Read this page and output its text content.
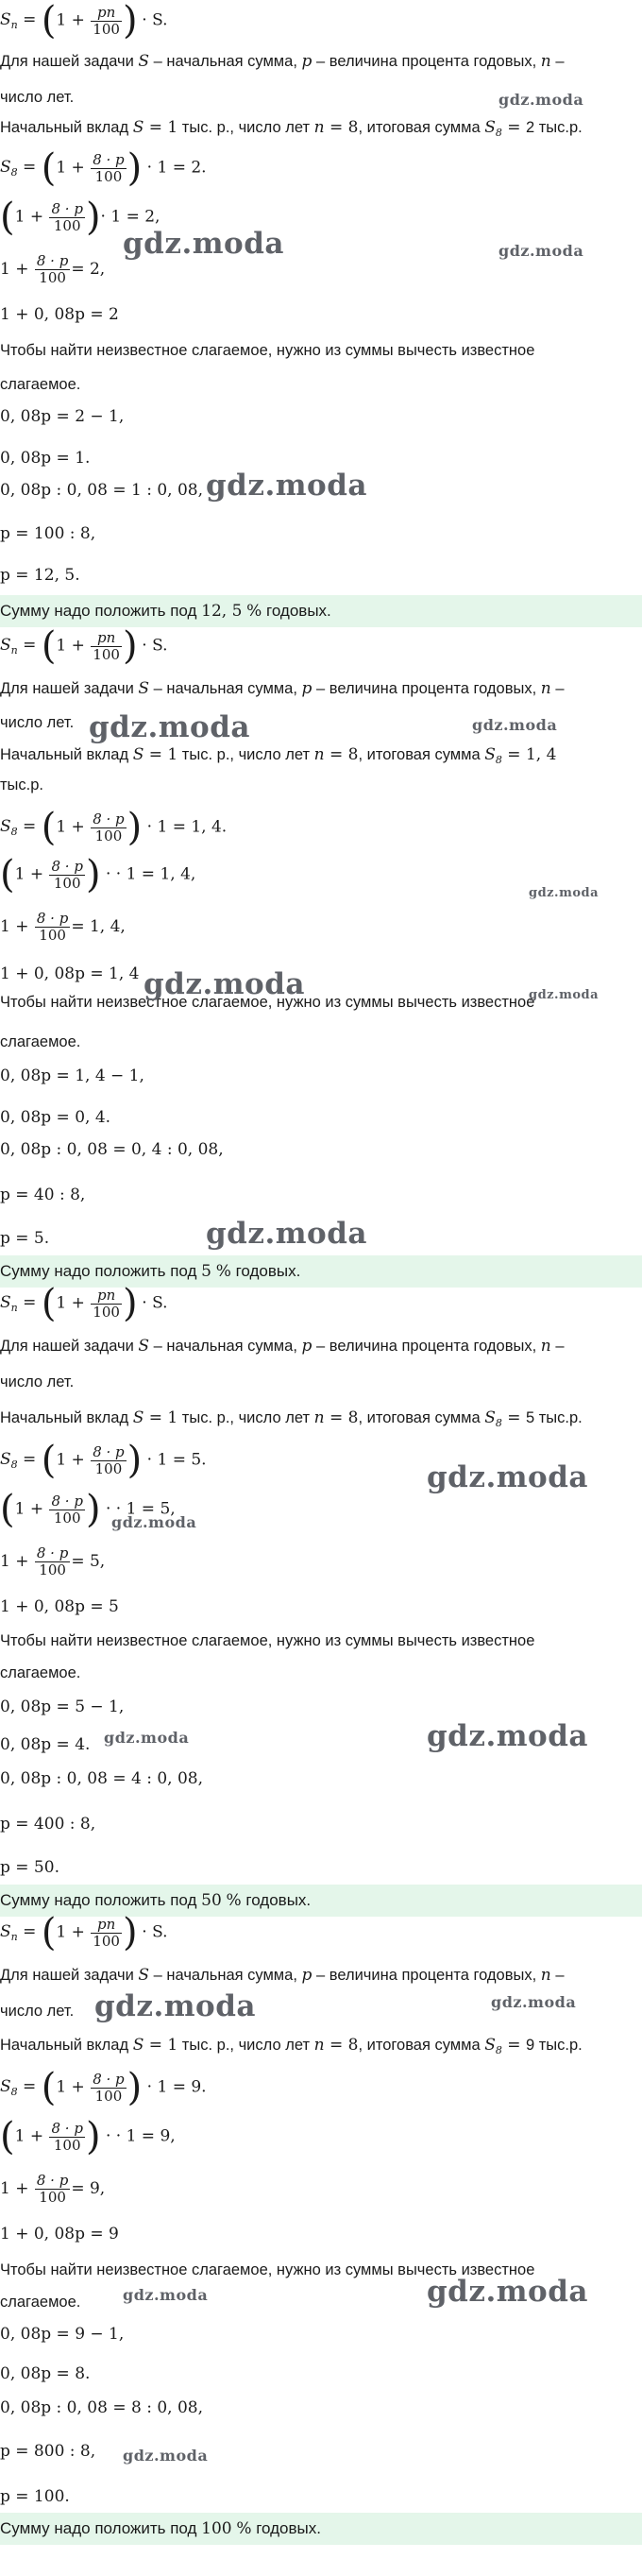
$S_n = (1 + \frac{pn}{100}$ ) · S.
Для нашей задачи S – начальная сумма, p – величина процента годовых, n –
число лет.
Начальный вклад S = 1 тыс. р., число лет n = 8, итоговая сумма $S_8 = 2$ тыс.р.
$S_8 = (1 + \frac{8 \cdot p}{100}$ ) · 1 = 2.
($1 + \frac{8 \cdot p}{100}$ )· 1 = 2,
$1 + \frac{8 \cdot p}{100} = 2$,
1 + 0, 08p = 2
Чтобы найти неизвестное слагаемое, нужно из суммы вычесть известное
слагаемое.
0, 08p = 2 − 1,
0, 08p = 1.
0, 08p : 0, 08 = 1 : 0, 08,
p = 100 : 8,
p = 12, 5.
Сумму надо положить под 12, 5 % годовых.
$S_n = (1 + \frac{pn}{100}$ ) · S.
Для нашей задачи S – начальная сумма, p – величина процента годовых, n –
число лет.
Начальный вклад S = 1 тыс. р., число лет n = 8, итоговая сумма $S_8 = 1$, 4
тыс.р.
$S_8 = (1 + \frac{8 \cdot p}{100}$ ) · 1 = 1, 4.
($1 + \frac{8 \cdot p}{100}$ ) · · 1 = 1, 4,
$1 + \frac{8 \cdot p}{100} = 1$, 4,
1 + 0, 08p = 1, 4
Чтобы найти неизвестное слагаемое, нужно из суммы вычесть известное
слагаемое.
0, 08p = 1, 4 − 1,
0, 08p = 0, 4.
0, 08p : 0, 08 = 0, 4 : 0, 08,
p = 40 : 8,
p = 5.
Сумму надо положить под 5 % годовых.
$S_n = (1 + \frac{pn}{100}$ ) · S.
Для нашей задачи S – начальная сумма, p – величина процента годовых, n –
число лет.
Начальный вклад S = 1 тыс. р., число лет n = 8, итоговая сумма $S_8 = 5$ тыс.р.
$S_8 = (1 + \frac{8 \cdot p}{100}$ ) · 1 = 5.
($1 + \frac{8 \cdot p}{100}$ ) · · 1 = 5,
$1 + \frac{8 \cdot p}{100} = 5$,
1 + 0, 08p = 5
Чтобы найти неизвестное слагаемое, нужно из суммы вычесть известное
слагаемое.
0, 08p = 5 − 1,
0, 08p = 4.
0, 08p : 0, 08 = 4 : 0, 08,
p = 400 : 8,
p = 50.
Сумму надо положить под 50 % годовых.
$S_n = (1 + \frac{pn}{100}$ ) · S.
Для нашей задачи S – начальная сумма, p – величина процента годовых, n –
число лет.
Начальный вклад S = 1 тыс. р., число лет n = 8, итоговая сумма $S_8 = 9$ тыс.р.
$S_8 = (1 + \frac{8 \cdot p}{100}$ ) · 1 = 9.
($1 + \frac{8 \cdot p}{100}$ ) · · 1 = 9,
$1 + \frac{8 \cdot p}{100} = 9$,
1 + 0, 08p = 9
Чтобы найти неизвестное слагаемое, нужно из суммы вычесть известное
слагаемое.
0, 08p = 9 − 1,
0, 08p = 8.
0, 08p : 0, 08 = 8 : 0, 08,
p = 800 : 8,
p = 100.
Сумму надо положить под 100 % годовых.
gdz.moda
gdz.moda	gdz.moda
gdz.moda
gdz.moda	gdz.moda
gdz.moda
gdz.moda	gdz.moda
gdz.moda
gdz.moda
gdz.moda
gdz.moda	gdz.moda
gdz.moda	gdz.moda
gdz.moda	gdz.moda
gdz.moda
